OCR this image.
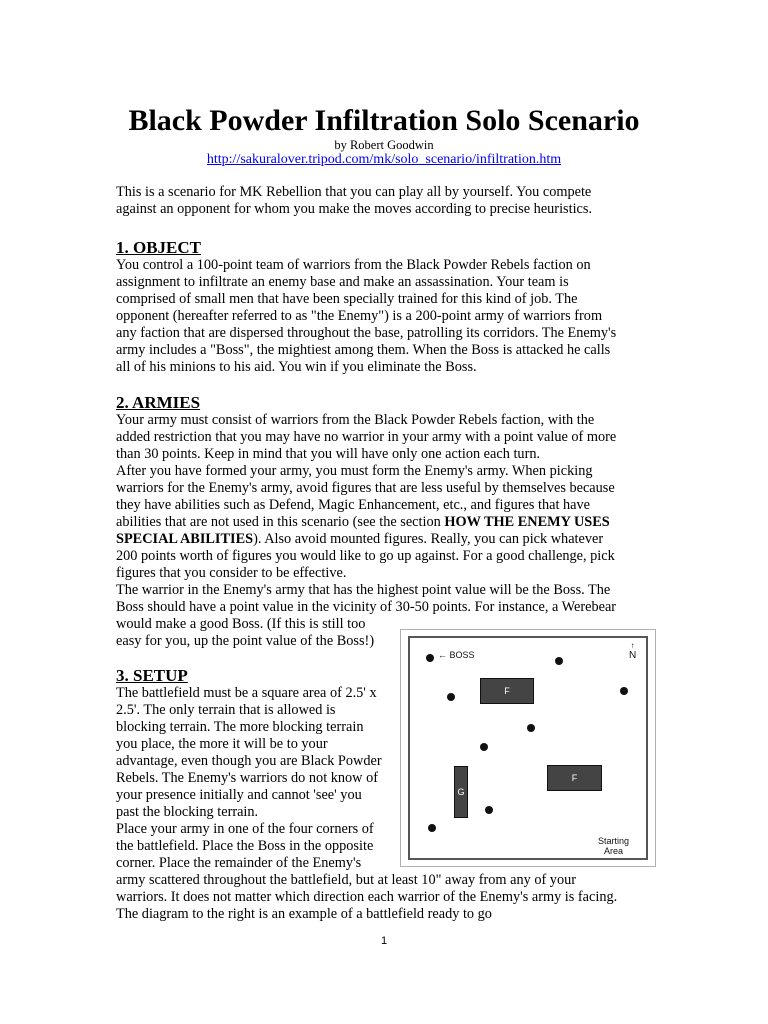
Black Powder Infiltration Solo Scenario
by Robert Goodwin
http://sakuralover.tripod.com/mk/solo_scenario/infiltration.htm
This is a scenario for MK Rebellion that you can play all by yourself. You compete
against an opponent for whom you make the moves according to precise heuristics.
1. OBJECT
You control a 100-point team of warriors from the Black Powder Rebels faction on
assignment to infiltrate an enemy base and make an assassination. Your team is
comprised of small men that have been specially trained for this kind of job. The
opponent (hereafter referred to as "the Enemy") is a 200-point army of warriors from
any faction that are dispersed throughout the base, patrolling its corridors. The Enemy's
army includes a "Boss", the mightiest among them. When the Boss is attacked he calls
all of his minions to his aid. You win if you eliminate the Boss.
2. ARMIES
Your army must consist of warriors from the Black Powder Rebels faction, with the
added restriction that you may have no warrior in your army with a point value of more
than 30 points. Keep in mind that you will have only one action each turn.
After you have formed your army, you must form the Enemy's army. When picking
warriors for the Enemy's army, avoid figures that are less useful by themselves because
they have abilities such as Defend, Magic Enhancement, etc., and figures that have
abilities that are not used in this scenario (see the section HOW THE ENEMY USES
SPECIAL ABILITIES). Also avoid mounted figures. Really, you can pick whatever
200 points worth of figures you would like to go up against. For a good challenge, pick
figures that you consider to be effective.
The warrior in the Enemy's army that has the highest point value will be the Boss. The
Boss should have a point value in the vicinity of 30-50 points. For instance, a Werebear
would make a good Boss. (If this is still too
easy for you, up the point value of the Boss!)
3. SETUP
The battlefield must be a square area of 2.5' x
2.5'. The only terrain that is allowed is
blocking terrain. The more blocking terrain
you place, the more it will be to your
advantage, even though you are Black Powder
Rebels. The Enemy's warriors do not know of
your presence initially and cannot 'see' you
past the blocking terrain.
Place your army in one of the four corners of
the battlefield. Place the Boss in the opposite
corner. Place the remainder of the Enemy's
army scattered throughout the battlefield, but at least 10" away from any of your
warriors. It does not matter which direction each warrior of the Enemy's army is facing.
The diagram to the right is an example of a battlefield ready to go
← BOSS
↑
N
F
F
G
Starting
Area
1
